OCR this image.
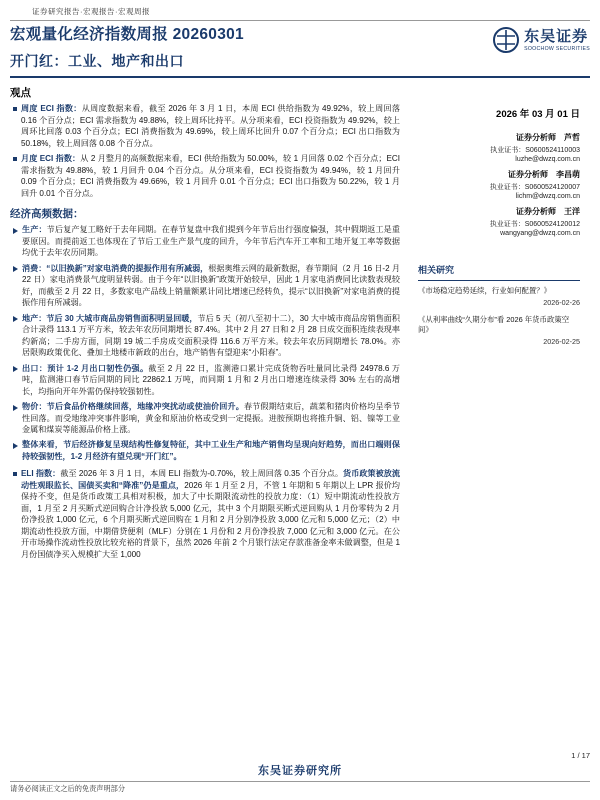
证券研究报告·宏观报告·宏观周报
宏观量化经济指数周报 20260301
开门红：工业、地产和出口
东吴证券
SOOCHOW SECURITIES
观点
周度 ECI 指数：从周度数据来看，截至 2026 年 3 月 1 日，本周 ECI 供给指数为 49.92%，较上周回落 0.16 个百分点；ECI 需求指数为 49.88%，较上周环比持平。从分项来看，ECI 投资指数为 49.92%，较上周环比回落 0.03 个百分点；ECI 消费指数为 49.69%，较上周环比回升 0.07 个百分点；ECI 出口指数为 50.18%，较上周回落 0.08 个百分点。
月度 ECI 指数：从 2 月整月的高频数据来看，ECI 供给指数为 50.00%，较 1 月回落 0.02 个百分点；ECI 需求指数为 49.88%，较 1 月回升 0.04 个百分点。从分项来看，ECI 投资指数为 49.94%，较 1 月回升 0.09 个百分点；ECI 消费指数为 49.66%，较 1 月回升 0.01 个百分点；ECI 出口指数为 50.22%，较 1 月回升 0.01 个百分点。
经济高频数据：
生产：节后复产复工略好于去年同期。在春节复盘中我们提到今年节后出行强度偏强，其中假期返工是重要原因。而提前返工也体现在了节后工业生产景气度的回升，今年节后汽车开工率和工地开复工率等数据均优于去年农历同期。
消费：“以旧换新”对家电消费的提振作用有所减弱，根据奥维云网的最新数据，春节期间（2 月 16 日-2 月 22 日）家电消费景气度明显转弱。由于今年“以旧换新”政策开始较早，因此 1 月家电消费同比读数表现较好，而截至 2 月 22 日，多数家电产品线上销量额累计同比增速已经转负，提示“以旧换新”对家电消费的提振作用有所减弱。
地产：节后 30 大城市商品房销售面积明显回暖，节后 5 天（初八至初十二），30 大中城市商品房销售面积合计录得 113.1 万平方米，较去年农历同期增长 87.4%。其中 2 月 27 日和 2 月 28 日成交面积连续表现率约新高；二手房方面，同期 19 城二手房成交面积录得 116.6 万平方米。较去年农历同期增长 78.0%。亦居限购政策优化、叠加土地楼市新政的出台，地产销售有望迎来“小阳春”。
出口：预计 1-2 月出口韧性仍强。截至 2 月 22 日，监测港口累计完成货物吞吐量同比录得 24978.6 万吨，监测港口春节后同期的同比 22862.1 万吨，而同期 1 月和 2 月出口增速连续录得 30% 左右的高增长，均指向开年外需仍保持较强韧性。
物价：节后食品价格继续回落，地缘冲突扰动或使油价回升。春节假期结束后，蔬菜和猪肉价格均呈季节性回落。而受地缘冲突事件影响，黄金和原油价格或受到一定提振。进胺预期也将推升铜、铝、镍等工业金属和煤炭等能源品价格上涨。
整体来看，节后经济修复呈现结构性修复特征，其中工业生产和地产销售均呈现向好趋势，而出口端则保持较强韧性，1-2 月经济有望兑现“开门红”。
ELI 指数：截至 2026 年 3 月 1 日，本周 ELI 指数为-0.70%，较上周回落 0.35 个百分点。货币政策被放流动性观眼监长、国债买卖和“降准”仍是重点，2026 年 1 月至 2 月，不管 1 年期和 5 年期以上 LPR 报价均保持不变，但是货币政策工具相对积极，加大了中长期限流动性的投放力度：（1）短中期流动性投放方面，1 月至 2 月买断式逆回购合计净投放 5,000 亿元，其中 3 个月期限买断式逆回购从 1 月份零转为 2 月份净投放 1,000 亿元，6 个月期买断式逆回购在 1 月和 2 月分别净投放 3,000 亿元和 5,000 亿元；（2）中期流动性投放方面，中期借贷便利（MLF）分别在 1 月份和 2 月份净投放 7,000 亿元和 3,000 亿元。在公开市场操作流动性投放比较充裕的背景下，虽然 2026 年前 2 个月银行法定存款准备金率未做调整，但是 1 月份国债净买入规模扩大至 1,000
2026 年 03 月 01 日
证券分析师　芦哲
执业证书：S0600524110003
luzhe@dwzq.com.cn
证券分析师　李昌萌
执业证书：S0600524120007
lichm@dwzq.com.cn
证券分析师　王洋
执业证书：S0600524120012
wangyang@dwzq.com.cn
相关研究
《市场稳定趋势延续，行业如何配置？》
2026-02-26
《从利率曲线“久期分布”看 2026 年货币政策空间》
2026-02-25
1 / 17
东吴证券研究所
请务必阅读正文之后的免责声明部分
